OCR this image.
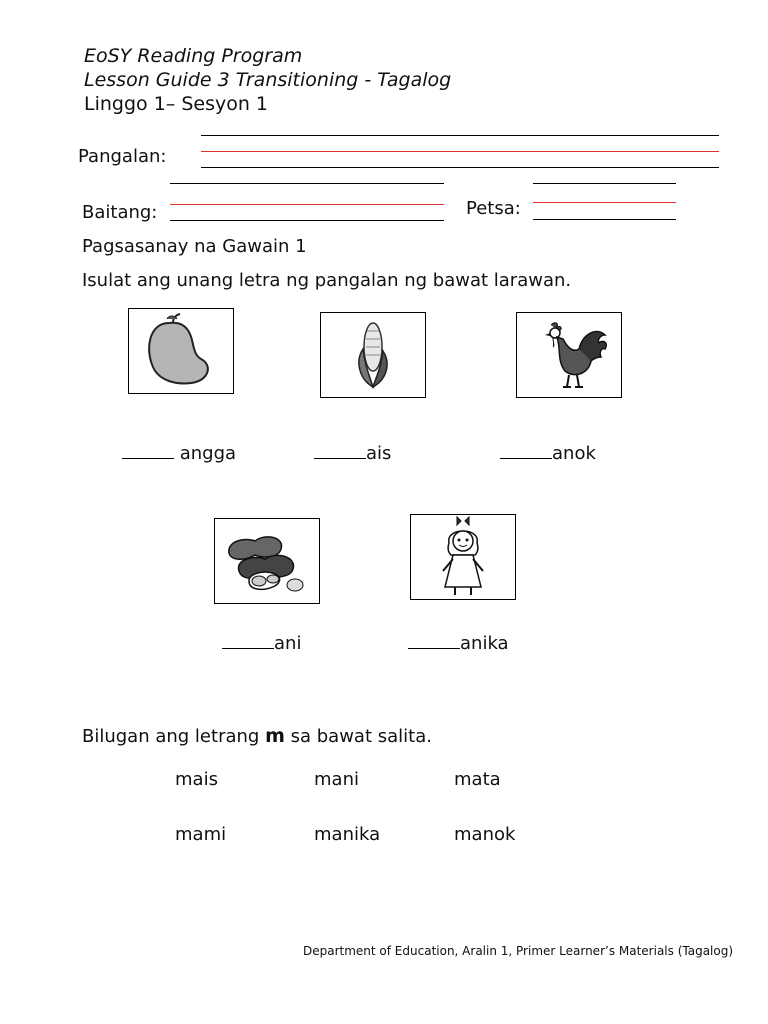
EoSY Reading Program
Lesson Guide 3 Transitioning - Tagalog
Linggo 1– Sesyon 1
Pangalan:
Baitang:	Petsa:
Pagsasanay na Gawain 1
Isulat ang unang letra ng pangalan ng bawat larawan.
angga	ais	anok
ani	anika
Bilugan ang letrang m sa bawat salita.
mais	mani	mata
mami	manika	manok
Department of Education, Aralin 1, Primer Learner’s Materials (Tagalog)
